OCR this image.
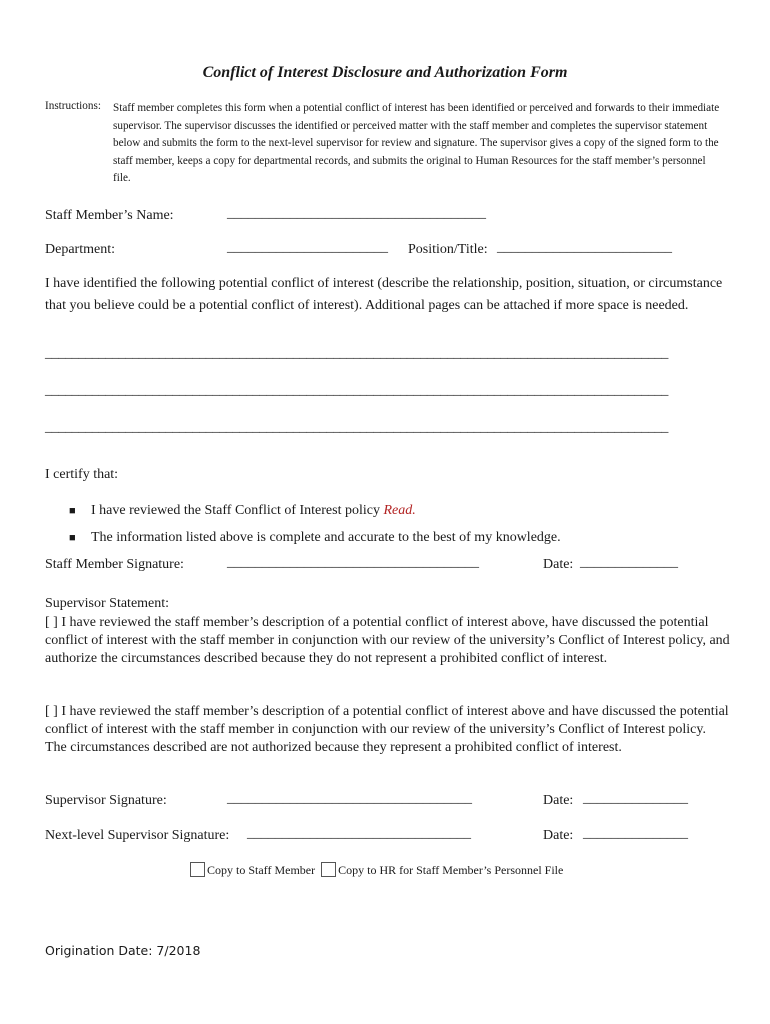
Conflict of Interest Disclosure and Authorization Form
Instructions: Staff member completes this form when a potential conflict of interest has been identified or perceived and forwards to their immediate supervisor. The supervisor discusses the identified or perceived matter with the staff member and completes the supervisor statement below and submits the form to the next-level supervisor for review and signature. The supervisor gives a copy of the signed form to the staff member, keeps a copy for departmental records, and submits the original to Human Resources for the staff member’s personnel file.
Staff Member’s Name:	_____________________________________
Department:	_______________________ Position/Title: _________________________
I have identified the following potential conflict of interest (describe the relationship, position, situation, or circumstance that you believe could be a potential conflict of interest). Additional pages can be attached if more space is needed.
_____________________________________________________________________________________________
_____________________________________________________________________________________________
_____________________________________________________________________________________________
I certify that:
■ I have reviewed the Staff Conflict of Interest policy Read.
■ The information listed above is complete and accurate to the best of my knowledge.
Staff Member Signature:	____________________________________	Date: ______________
Supervisor Statement:
[ ] I have reviewed the staff member’s description of a potential conflict of interest above, have discussed the potential conflict of interest with the staff member in conjunction with our review of the university’s Conflict of Interest policy, and authorize the circumstances described because they do not represent a prohibited conflict of interest.
[ ] I have reviewed the staff member’s description of a potential conflict of interest above and have discussed the potential conflict of interest with the staff member in conjunction with our review of the university’s Conflict of Interest policy. The circumstances described are not authorized because they represent a prohibited conflict of interest.
Supervisor Signature:	___________________________________	Date: _______________
Next-level Supervisor Signature: ________________________________	Date: _______________
Copy to Staff Member Copy to HR for Staff Member’s Personnel File
Origination Date: 7/2018
